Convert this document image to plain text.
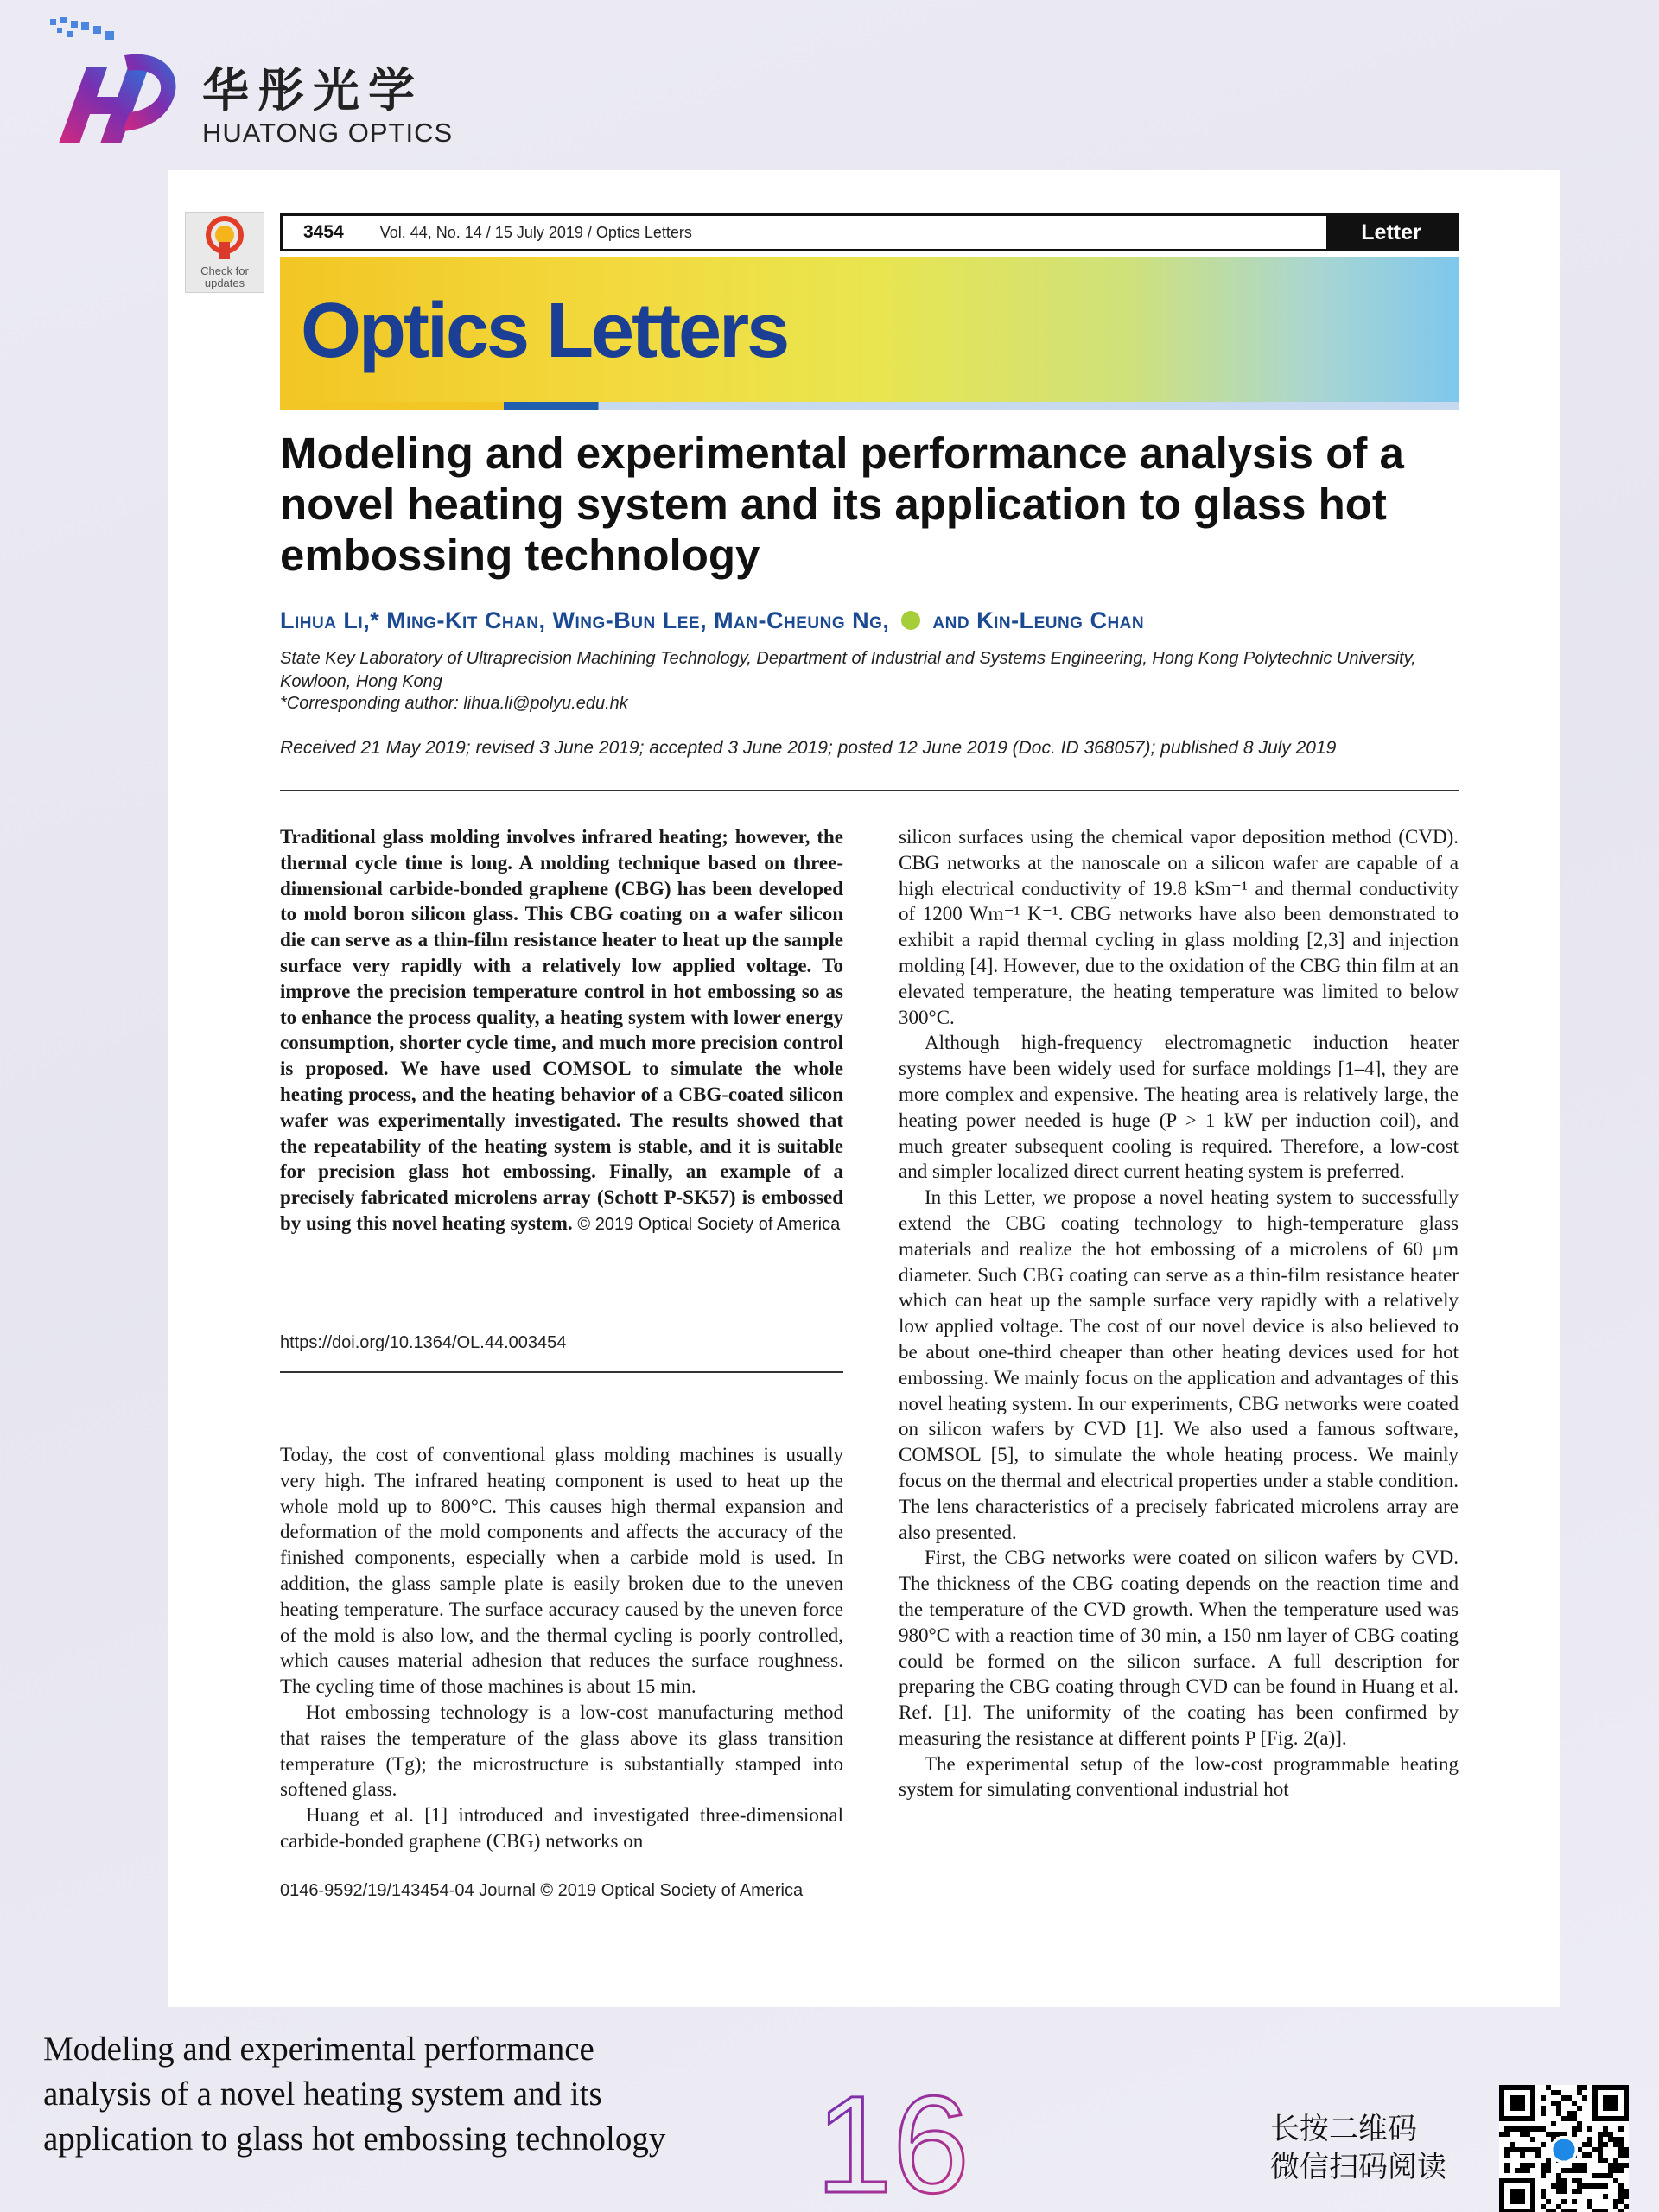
华彤光学
HUATONG OPTICS
Check for updates
3454 Vol. 44, No. 14 / 15 July 2019 / Optics Letters	Letter
Optics Letters
Modeling and experimental performance analysis of a novel heating system and its application to glass hot embossing technology
Lihua Li,* Ming-Kit Chan, Wing-Bun Lee, Man-Cheung Ng, and Kin-Leung Chan
State Key Laboratory of Ultraprecision Machining Technology, Department of Industrial and Systems Engineering, Hong Kong Polytechnic University, Kowloon, Hong Kong
*Corresponding author: lihua.li@polyu.edu.hk
Received 21 May 2019; revised 3 June 2019; accepted 3 June 2019; posted 12 June 2019 (Doc. ID 368057); published 8 July 2019
Traditional glass molding involves infrared heating; however, the thermal cycle time is long. A molding technique based on three-dimensional carbide-bonded graphene (CBG) has been developed to mold boron silicon glass. This CBG coating on a wafer silicon die can serve as a thin-film resistance heater to heat up the sample surface very rapidly with a relatively low applied voltage. To improve the precision temperature control in hot embossing so as to enhance the process quality, a heating system with lower energy consumption, shorter cycle time, and much more precision control is proposed. We have used COMSOL to simulate the whole heating process, and the heating behavior of a CBG-coated silicon wafer was experimentally investigated. The results showed that the repeatability of the heating system is stable, and it is suitable for precision glass hot embossing. Finally, an example of a precisely fabricated microlens array (Schott P-SK57) is embossed by using this novel heating system. © 2019 Optical Society of America
https://doi.org/10.1364/OL.44.003454

Today, the cost of conventional glass molding machines is usually very high. The infrared heating component is used to heat up the whole mold up to 800°C. This causes high thermal expansion and deformation of the mold components and affects the accuracy of the finished components, especially when a carbide mold is used. In addition, the glass sample plate is easily broken due to the uneven heating temperature. The surface accuracy caused by the uneven force of the mold is also low, and the thermal cycling is poorly controlled, which causes material adhesion that reduces the surface roughness. The cycling time of those machines is about 15 min.

Hot embossing technology is a low-cost manufacturing method that raises the temperature of the glass above its glass transition temperature (Tg); the microstructure is substantially stamped into softened glass.

Huang et al. [1] introduced and investigated three-dimensional carbide-bonded graphene (CBG) networks on

silicon surfaces using the chemical vapor deposition method (CVD). CBG networks at the nanoscale on a silicon wafer are capable of a high electrical conductivity of 19.8 kSm⁻¹ and thermal conductivity of 1200 Wm⁻¹ K⁻¹. CBG networks have also been demonstrated to exhibit a rapid thermal cycling in glass molding [2,3] and injection molding [4]. However, due to the oxidation of the CBG thin film at an elevated temperature, the heating temperature was limited to below 300°C.

Although high-frequency electromagnetic induction heater systems have been widely used for surface moldings [1–4], they are more complex and expensive. The heating area is relatively large, the heating power needed is huge (P > 1 kW per induction coil), and much greater subsequent cooling is required. Therefore, a low-cost and simpler localized direct current heating system is preferred.

In this Letter, we propose a novel heating system to successfully extend the CBG coating technology to high-temperature glass materials and realize the hot embossing of a microlens of 60 μm diameter. Such CBG coating can serve as a thin-film resistance heater which can heat up the sample surface very rapidly with a relatively low applied voltage. The cost of our novel device is also believed to be about one-third cheaper than other heating devices used for hot embossing. We mainly focus on the application and advantages of this novel heating system. In our experiments, CBG networks were coated on silicon wafers by CVD [1]. We also used a famous software, COMSOL [5], to simulate the whole heating process. We mainly focus on the thermal and electrical properties under a stable condition. The lens characteristics of a precisely fabricated microlens array are also presented.

First, the CBG networks were coated on silicon wafers by CVD. The thickness of the CBG coating depends on the reaction time and the temperature of the CVD growth. When the temperature used was 980°C with a reaction time of 30 min, a 150 nm layer of CBG coating could be formed on the silicon surface. A full description for preparing the CBG coating through CVD can be found in Huang et al. Ref. [1]. The uniformity of the coating has been confirmed by measuring the resistance at different points P [Fig. 2(a)].

The experimental setup of the low-cost programmable heating system for simulating conventional industrial hot

0146-9592/19/143454-04 Journal © 2019 Optical Society of America
Modeling and experimental performance analysis of a novel heating system and its application to glass hot embossing technology 16	长按二维码
微信扫码阅读
